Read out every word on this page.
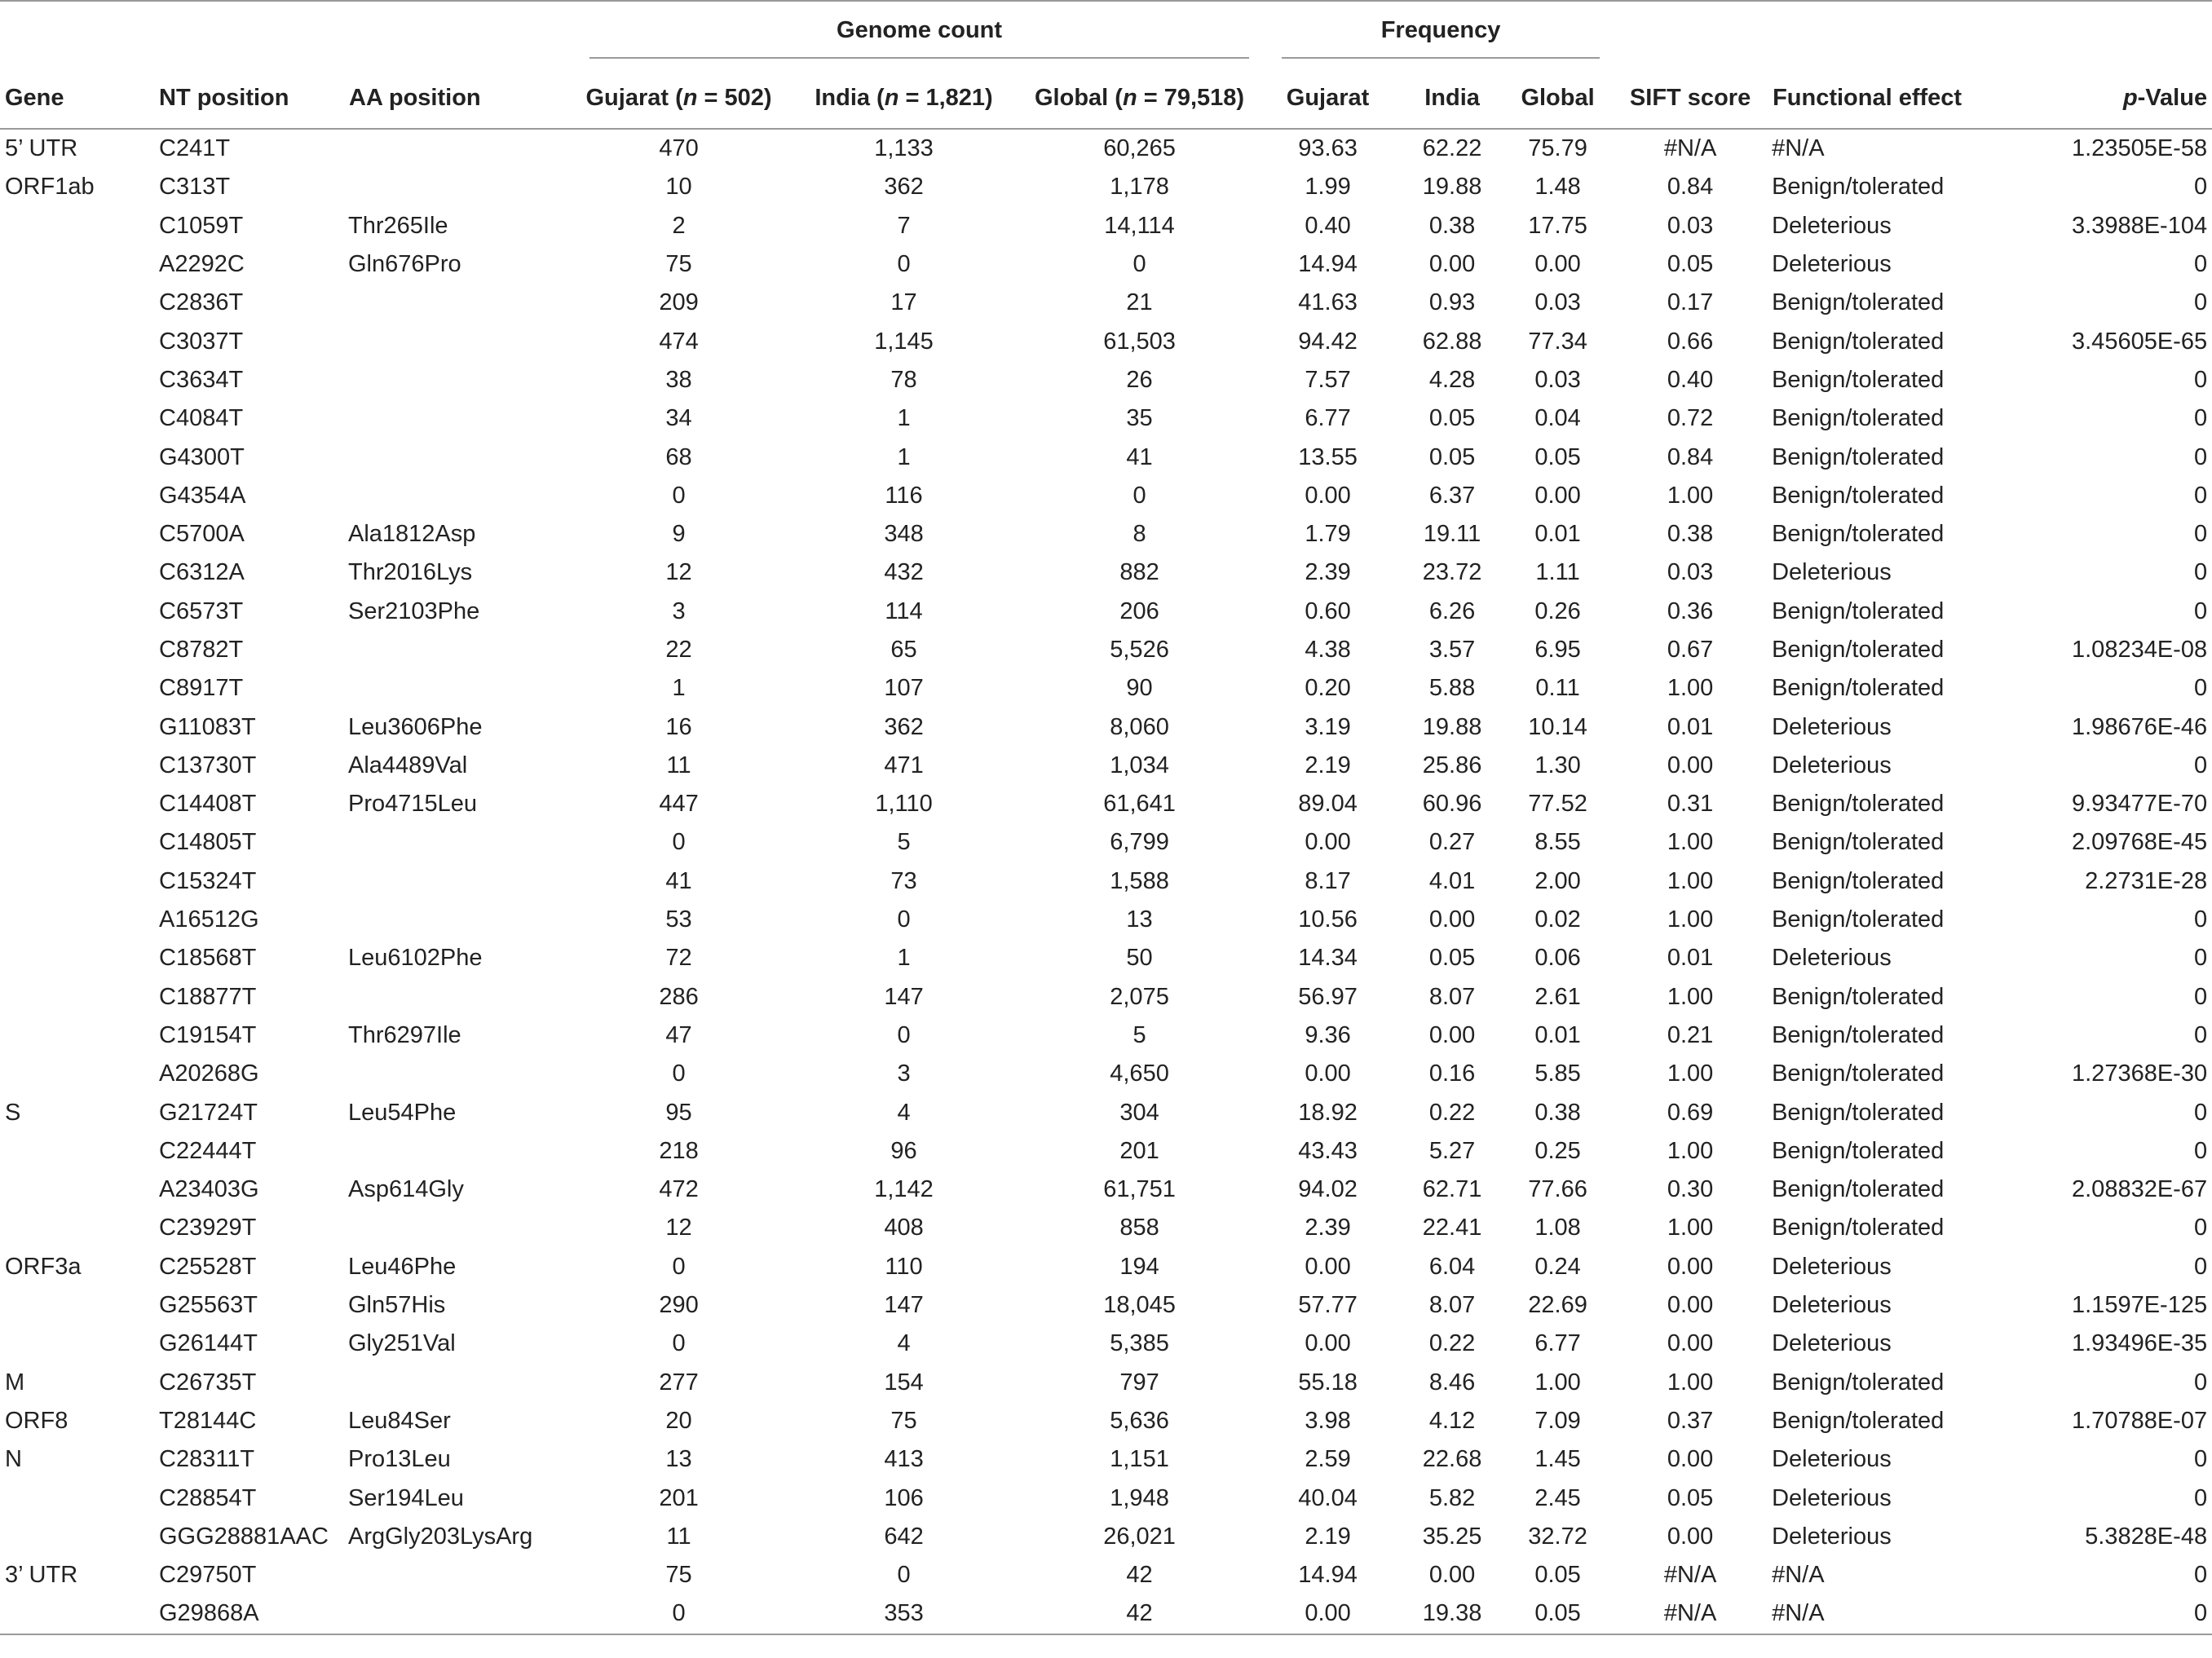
			Genome count			Frequency					

Gene	NT position	AA position	Gujarat (n = 502)	India (n = 1,821)	Global (n = 79,518)	Gujarat	India	Global	SIFT score	Functional effect	p-Value
5’ UTR	C241T		470	1,133	60,265	93.63	62.22	75.79	#N/A	#N/A	1.23505E-58
ORF1ab	C313T		10	362	1,178	1.99	19.88	1.48	0.84	Benign/tolerated	0
	C1059T	Thr265Ile	2	7	14,114	0.40	0.38	17.75	0.03	Deleterious	3.3988E-104
	A2292C	Gln676Pro	75	0	0	14.94	0.00	0.00	0.05	Deleterious	0
	C2836T		209	17	21	41.63	0.93	0.03	0.17	Benign/tolerated	0
	C3037T		474	1,145	61,503	94.42	62.88	77.34	0.66	Benign/tolerated	3.45605E-65
	C3634T		38	78	26	7.57	4.28	0.03	0.40	Benign/tolerated	0
	C4084T		34	1	35	6.77	0.05	0.04	0.72	Benign/tolerated	0
	G4300T		68	1	41	13.55	0.05	0.05	0.84	Benign/tolerated	0
	G4354A		0	116	0	0.00	6.37	0.00	1.00	Benign/tolerated	0
	C5700A	Ala1812Asp	9	348	8	1.79	19.11	0.01	0.38	Benign/tolerated	0
	C6312A	Thr2016Lys	12	432	882	2.39	23.72	1.11	0.03	Deleterious	0
	C6573T	Ser2103Phe	3	114	206	0.60	6.26	0.26	0.36	Benign/tolerated	0
	C8782T		22	65	5,526	4.38	3.57	6.95	0.67	Benign/tolerated	1.08234E-08
	C8917T		1	107	90	0.20	5.88	0.11	1.00	Benign/tolerated	0
	G11083T	Leu3606Phe	16	362	8,060	3.19	19.88	10.14	0.01	Deleterious	1.98676E-46
	C13730T	Ala4489Val	11	471	1,034	2.19	25.86	1.30	0.00	Deleterious	0
	C14408T	Pro4715Leu	447	1,110	61,641	89.04	60.96	77.52	0.31	Benign/tolerated	9.93477E-70
	C14805T		0	5	6,799	0.00	0.27	8.55	1.00	Benign/tolerated	2.09768E-45
	C15324T		41	73	1,588	8.17	4.01	2.00	1.00	Benign/tolerated	2.2731E-28
	A16512G		53	0	13	10.56	0.00	0.02	1.00	Benign/tolerated	0
	C18568T	Leu6102Phe	72	1	50	14.34	0.05	0.06	0.01	Deleterious	0
	C18877T		286	147	2,075	56.97	8.07	2.61	1.00	Benign/tolerated	0
	C19154T	Thr6297Ile	47	0	5	9.36	0.00	0.01	0.21	Benign/tolerated	0
	A20268G		0	3	4,650	0.00	0.16	5.85	1.00	Benign/tolerated	1.27368E-30
S	G21724T	Leu54Phe	95	4	304	18.92	0.22	0.38	0.69	Benign/tolerated	0
	C22444T		218	96	201	43.43	5.27	0.25	1.00	Benign/tolerated	0
	A23403G	Asp614Gly	472	1,142	61,751	94.02	62.71	77.66	0.30	Benign/tolerated	2.08832E-67
	C23929T		12	408	858	2.39	22.41	1.08	1.00	Benign/tolerated	0
ORF3a	C25528T	Leu46Phe	0	110	194	0.00	6.04	0.24	0.00	Deleterious	0
	G25563T	Gln57His	290	147	18,045	57.77	8.07	22.69	0.00	Deleterious	1.1597E-125
	G26144T	Gly251Val	0	4	5,385	0.00	0.22	6.77	0.00	Deleterious	1.93496E-35
M	C26735T		277	154	797	55.18	8.46	1.00	1.00	Benign/tolerated	0
ORF8	T28144C	Leu84Ser	20	75	5,636	3.98	4.12	7.09	0.37	Benign/tolerated	1.70788E-07
N	C28311T	Pro13Leu	13	413	1,151	2.59	22.68	1.45	0.00	Deleterious	0
	C28854T	Ser194Leu	201	106	1,948	40.04	5.82	2.45	0.05	Deleterious	0
	GGG28881AAC	ArgGly203LysArg	11	642	26,021	2.19	35.25	32.72	0.00	Deleterious	5.3828E-48
3’ UTR	C29750T		75	0	42	14.94	0.00	0.05	#N/A	#N/A	0
	G29868A		0	353	42	0.00	19.38	0.05	#N/A	#N/A	0
